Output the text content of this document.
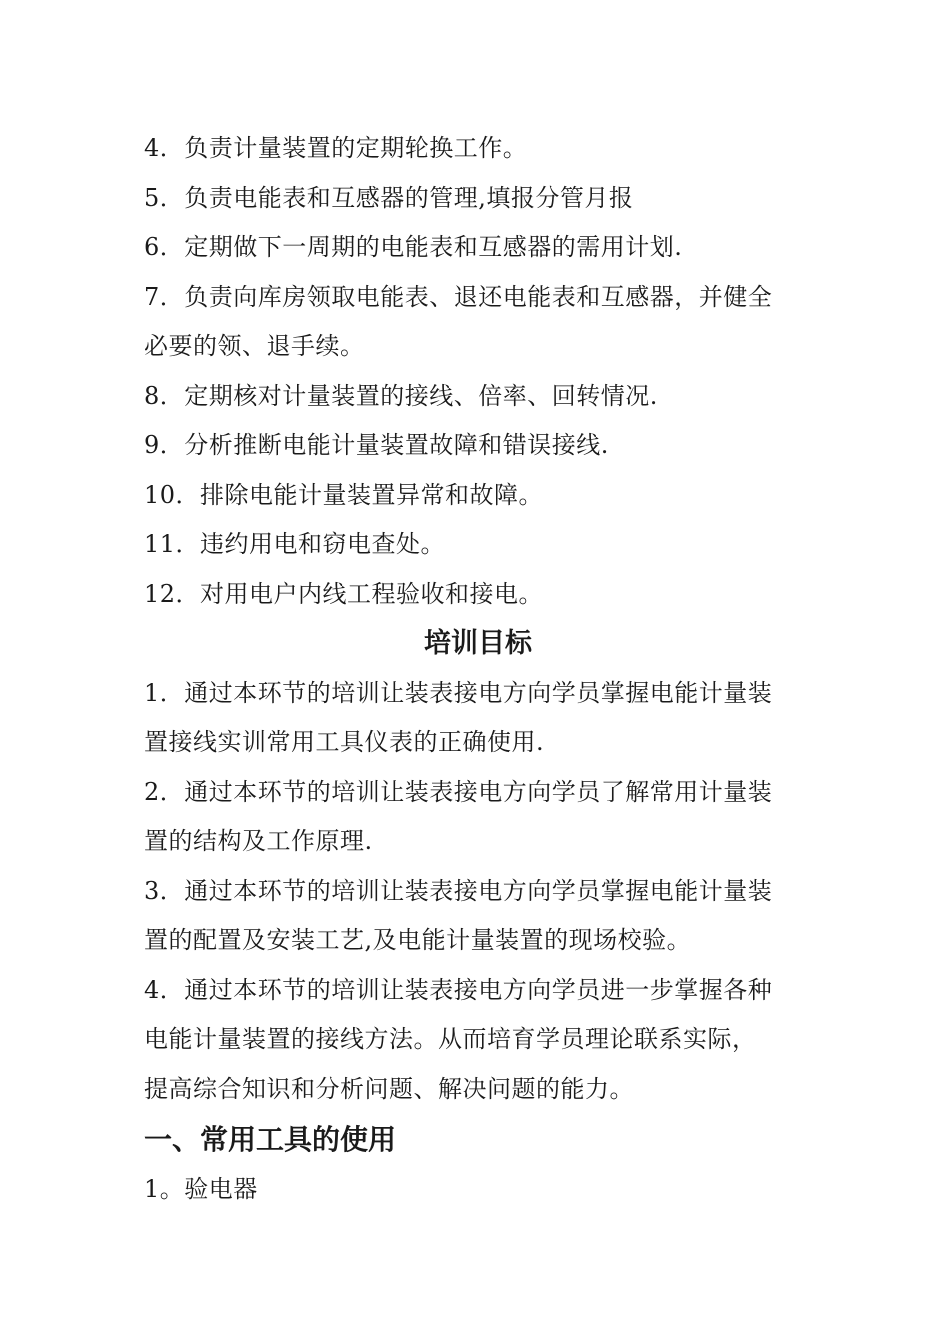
4．负责计量装置的定期轮换工作。
5．负责电能表和互感器的管理,填报分管月报
6．定期做下一周期的电能表和互感器的需用计划.
7．负责向库房领取电能表、退还电能表和互感器，并健全
必要的领、退手续。
8．定期核对计量装置的接线、倍率、回转情况.
9．分析推断电能计量装置故障和错误接线.
10．排除电能计量装置异常和故障。
11．违约用电和窃电查处。
12．对用电户内线工程验收和接电。
培训目标
1．通过本环节的培训让装表接电方向学员掌握电能计量装
置接线实训常用工具仪表的正确使用.
2．通过本环节的培训让装表接电方向学员了解常用计量装
置的结构及工作原理.
3．通过本环节的培训让装表接电方向学员掌握电能计量装
置的配置及安装工艺,及电能计量装置的现场校验。
4．通过本环节的培训让装表接电方向学员进一步掌握各种
电能计量装置的接线方法。从而培育学员理论联系实际，
提高综合知识和分析问题、解决问题的能力。
一、常用工具的使用
1。验电器
